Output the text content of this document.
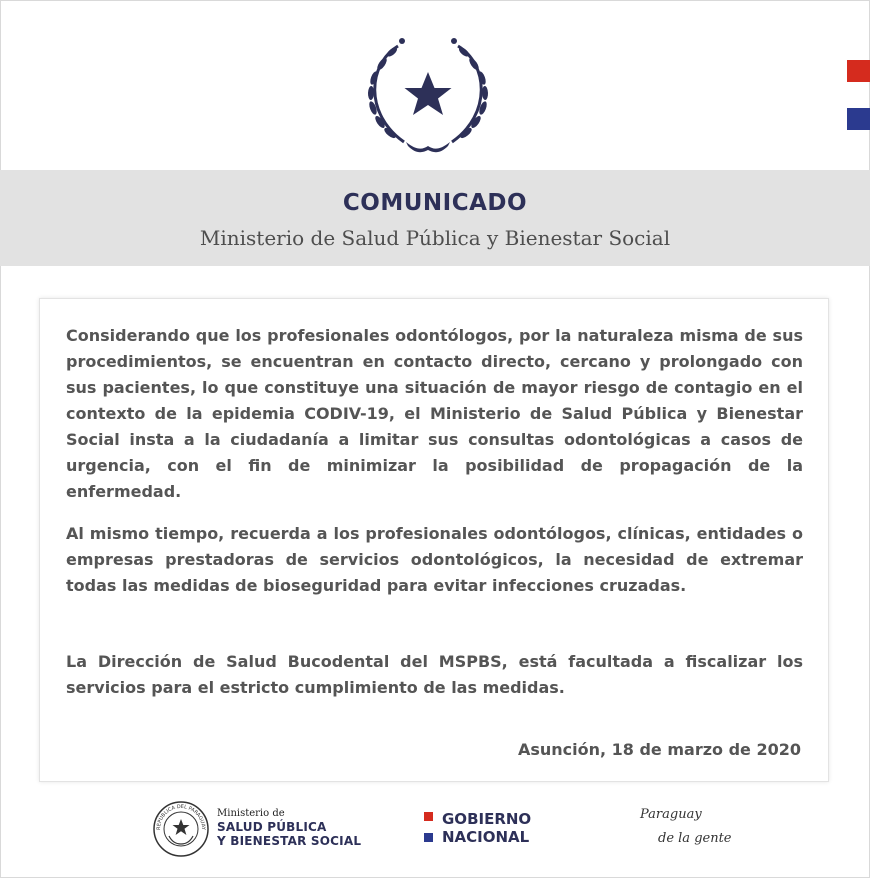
COMUNICADO
Ministerio de Salud Pública y Bienestar Social

Considerando que los profesionales odontólogos, por la naturaleza misma de sus procedimientos, se encuentran en contacto directo, cercano y prolongado con sus pacientes, lo que constituye una situación de mayor riesgo de contagio en el contexto de la epidemia CODIV-19, el Ministerio de Salud Pública y Bienestar Social insta a la ciudadanía a limitar sus consultas odontológicas a casos de urgencia, con el fin de minimizar la posibilidad de propagación de la enfermedad.

Al mismo tiempo, recuerda a los profesionales odontólogos, clínicas, entidades o empresas prestadoras de servicios odontológicos, la necesidad de extremar todas las medidas de bioseguridad para evitar infecciones cruzadas.

La Dirección de Salud Bucodental del MSPBS, está facultada a fiscalizar los servicios para el estricto cumplimiento de las medidas.

Asunción, 18 de marzo de 2020
REPÚBLICA DEL PARAGUAY
Ministerio de
SALUD PÚBLICA
Y BIENESTAR SOCIAL
GOBIERNO
NACIONAL
Paraguay
de la gente
